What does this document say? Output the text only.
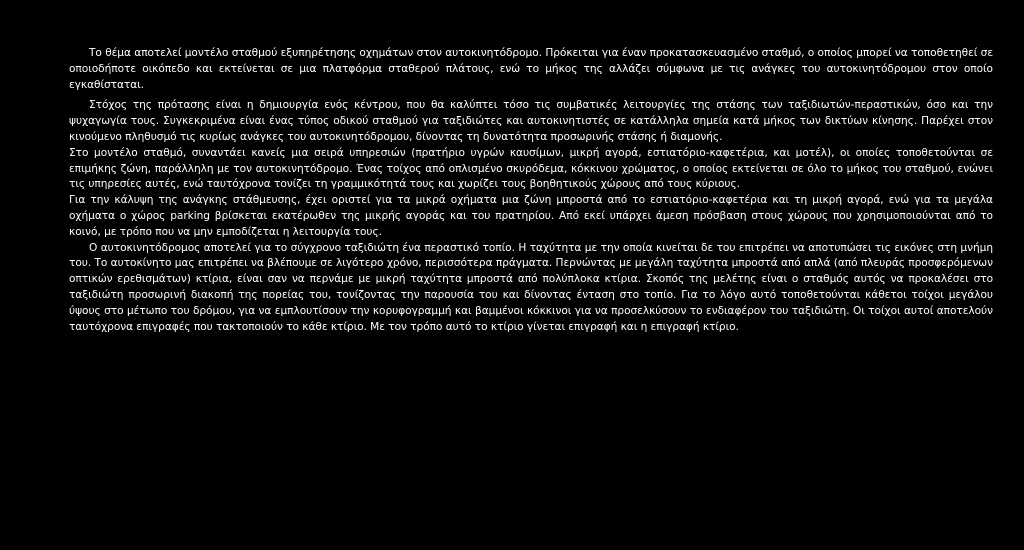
Το θέμα αποτελεί μοντέλο σταθμού εξυπηρέτησης οχημάτων στον αυτοκινητόδρομο. Πρόκειται για έναν προκατασκευασμένο σταθμό, ο οποίος μπορεί να τοποθετηθεί σε οποιοδήποτε οικόπεδο και εκτείνεται σε μια πλατφόρμα σταθερού πλάτους, ενώ το μήκος της αλλάζει σύμφωνα με τις ανάγκες του αυτοκινητόδρομου στον οποίο εγκαθίσταται.

Στόχος της πρότασης είναι η δημιουργία ενός κέντρου, που θα καλύπτει τόσο τις συμβατικές λειτουργίες της στάσης των ταξιδιωτών-περαστικών, όσο και την ψυχαγωγία τους. Συγκεκριμένα είναι ένας τύπος οδικού σταθμού για ταξιδιώτες και αυτοκινητιστές σε κατάλληλα σημεία κατά μήκος των δικτύων κίνησης. Παρέχει στον κινούμενο πληθυσμό τις κυρίως ανάγκες του αυτοκινητόδρομου, δίνοντας τη δυνατότητα προσωρινής στάσης ή διαμονής.

Στο μοντέλο σταθμό, συναντάει κανείς μια σειρά υπηρεσιών (πρατήριο υγρών καυσίμων, μικρή αγορά, εστιατόριο-καφετέρια, και μοτέλ), οι οποίες τοποθετούνται σε επιμήκης ζώνη, παράλληλη με τον αυτοκινητόδρομο. Ένας τοίχος από οπλισμένο σκυρόδεμα, κόκκινου χρώματος, ο οποίος εκτείνεται σε όλο το μήκος του σταθμού, ενώνει τις υπηρεσίες αυτές, ενώ ταυτόχρονα τονίζει τη γραμμικότητά τους και χωρίζει τους βοηθητικούς χώρους από τους κύριους.

Για την κάλυψη της ανάγκης στάθμευσης, έχει οριστεί για τα μικρά οχήματα μια ζώνη μπροστά από το εστιατόριο-καφετέρια και τη μικρή αγορά, ενώ για τα μεγάλα οχήματα ο χώρος parking βρίσκεται εκατέρωθεν της μικρής αγοράς και του πρατηρίου. Από εκεί υπάρχει άμεση πρόσβαση στους χώρους που χρησιμοποιούνται από το κοινό, με τρόπο που να μην εμποδίζεται η λειτουργία τους.

Ο αυτοκινητόδρομος αποτελεί για το σύγχρονο ταξιδιώτη ένα περαστικό τοπίο. Η ταχύτητα με την οποία κινείται δε του επιτρέπει να αποτυπώσει τις εικόνες στη μνήμη του. Το αυτοκίνητο μας επιτρέπει να βλέπουμε σε λιγότερο χρόνο, περισσότερα πράγματα. Περνώντας με μεγάλη ταχύτητα μπροστά από απλά (από πλευράς προσφερόμενων οπτικών ερεθισμάτων) κτίρια, είναι σαν να περνάμε με μικρή ταχύτητα μπροστά από πολύπλοκα κτίρια. Σκοπός της μελέτης είναι ο σταθμός αυτός να προκαλέσει στο ταξιδιώτη προσωρινή διακοπή της πορείας του, τονίζοντας την παρουσία του και δίνοντας ένταση στο τοπίο. Για το λόγο αυτό τοποθετούνται κάθετοι τοίχοι μεγάλου ύψους στο μέτωπο του δρόμου, για να εμπλουτίσουν την κορυφογραμμή και βαμμένοι κόκκινοι για να προσελκύσουν το ενδιαφέρον του ταξιδιώτη. Οι τοίχοι αυτοί αποτελούν ταυτόχρονα επιγραφές που τακτοποιούν το κάθε κτίριο. Με τον τρόπο αυτό το κτίριο γίνεται επιγραφή και η επιγραφή κτίριο.
